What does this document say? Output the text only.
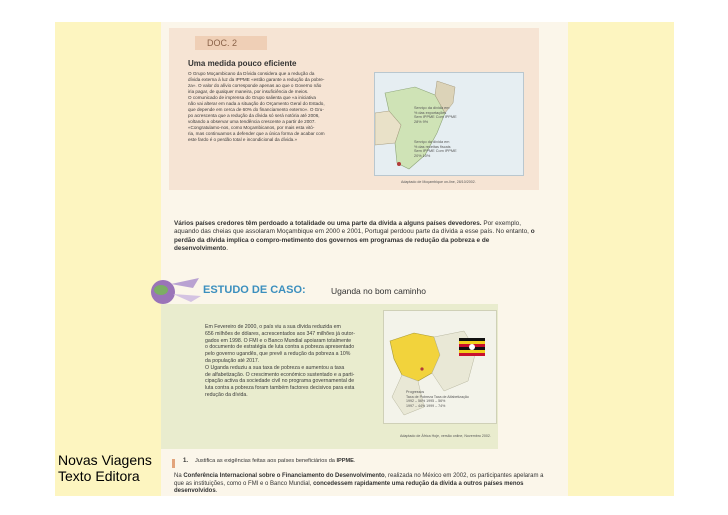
DOC. 2
Uma medida pouco eficiente
O Grupo Moçambicano da Dívida considera que a redução da
dívida externa à luz da IPPME «estão garante a redução da pobre-
za». O valor do alívio corresponde apenas ao que o Governo não
iria pagar, de qualquer maneira, por insuficiência de meios.
O comunicado de imprensa do Grupo salienta que «a iniciativa
não vai alterar em nada a situação do Orçamento Geral do Estado,
que depende em cerca de 60% do financiamento externo». O Gru-
po acrescenta que a redução da dívida só será notória até 2006,
voltando a observar uma tendência crescente a partir de 2007.
«Congratulamo-nos, como Moçambicanos, por mais esta vitó-
ria, mas continuamos a defender que a única forma de acabar com
este fardo é o perdão total e incondicional da dívida.»
Serviço da dívida em
% das exportações
Sem IPPME Com IPPME
28% 9%
Serviço da dívida em
% das receitas fiscais
Sem IPPME Com IPPME
20% 10%
Adaptado de Moçambique on-line, 28/10/2002.
Vários países credores têm perdoado a totalidade ou uma parte da dívida a alguns países devedores. Por exemplo, aquando das cheias que assolaram Moçambique em 2000 e 2001, Portugal perdoou parte da dívida a esse país. No entanto, o perdão da dívida implica o compro-metimento dos governos em programas de redução da pobreza e de desenvolvimento.
ESTUDO DE CASO:	Uganda no bom caminho
Em Fevereiro de 2000, o país viu a sua dívida reduzida em
656 milhões de dólares, acrescentados aos 347 milhões já outor-
gados em 1998. O FMI e o Banco Mundial apoiaram totalmente
o documento de estratégia de luta contra a pobreza apresentado
pelo governo ugandês, que prevê a redução da pobreza a 10%
da população até 2017.
O Uganda reduziu a sua taxa de pobreza e aumentou a taxa
de alfabetização. O crescimento económico sustentado e a parti-
cipação activa da sociedade civil no programa governamental de
luta contra a pobreza foram também factores decisivos para esta
redução da dívida.	Progressos
Taxa de Pobreza Taxa de Alfabetização
1992 – 56% 1995 – 56%
1997 – 44% 1999 – 74%
Adaptado de África Hoje, versão online, Novembro 2002.
1. Justifica as exigências feitas aos países beneficiários da IPPME.
Na Conferência Internacional sobre o Financiamento do Desenvolvimento, realizada no México em 2002, os participantes apelaram a que as instituições, como o FMI e o Banco Mundial, concedessem rapidamente uma redução da dívida a outros países menos desenvolvidos.
Novas Viagens
Texto Editora
